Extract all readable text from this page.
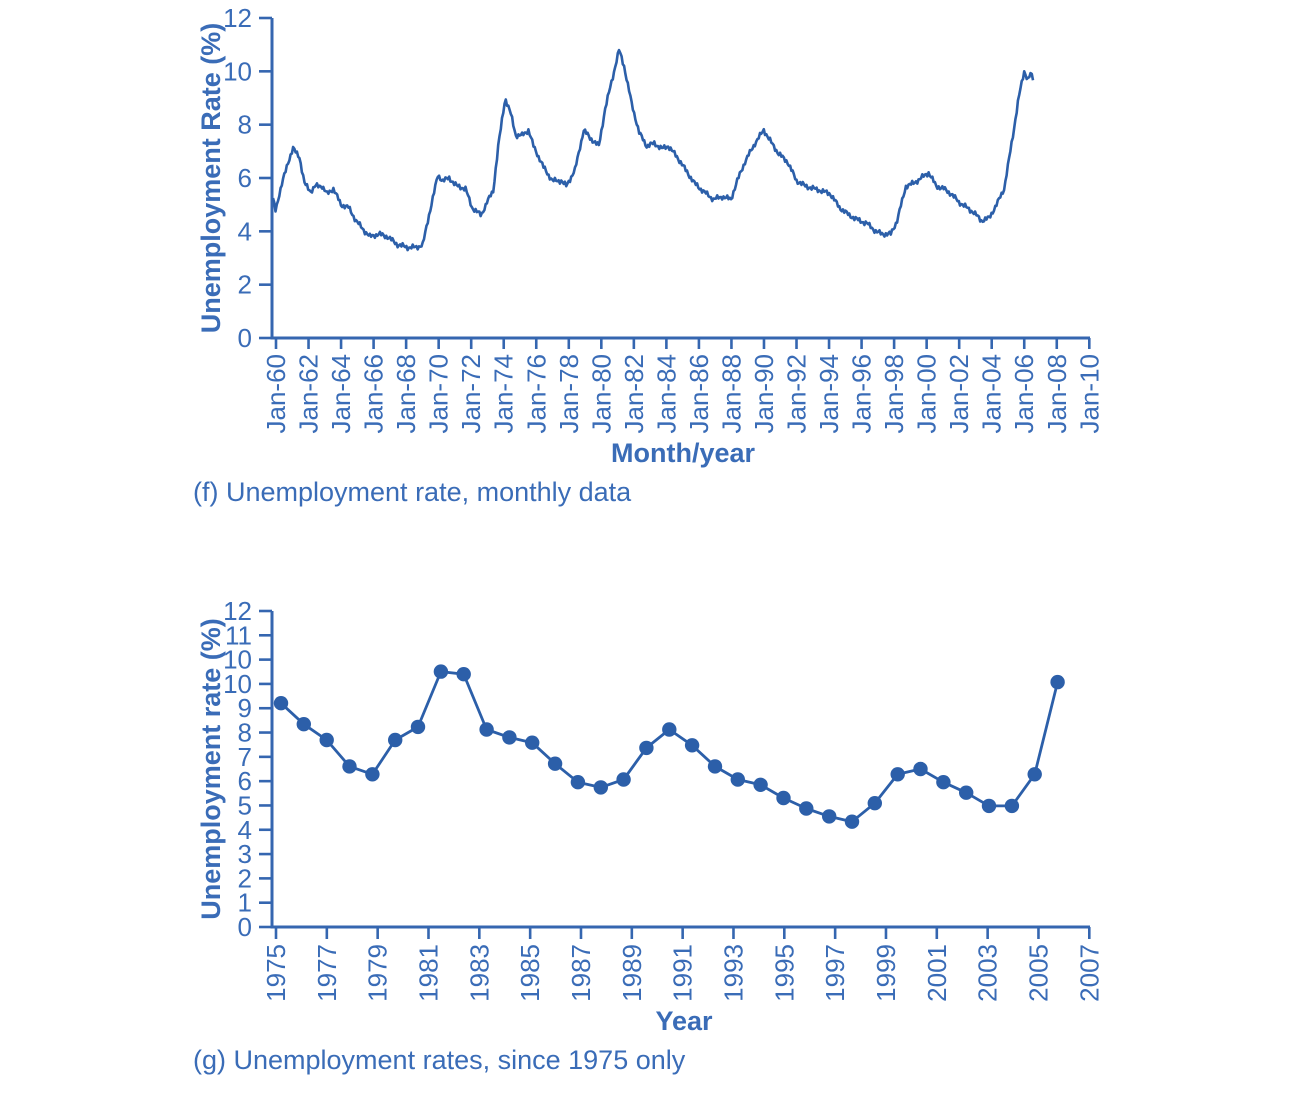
0
2
4
6
8
10
12
Jan-60 Jan-62 Jan-64 Jan-66 Jan-68 Jan-70 Jan-72 Jan-74 Jan-76 Jan-78 Jan-80 Jan-82 Jan-84 Jan-86 Jan-88 Jan-90 Jan-92 Jan-94 Jan-96 Jan-98 Jan-00 Jan-02 Jan-04 Jan-06 Jan-08 Jan-10
Unemployment Rate (%)
Month/year
0
1
2
3
4
5
6
7
8
9
10
10
11
12
1975 1977 1979 1981 1983 1985 1987 1989 1991 1993 1995 1997 1999 2001 2003 2005 2007
Unemployment rate (%)
Year
(f) Unemployment rate, monthly data
(g) Unemployment rates, since 1975 only
